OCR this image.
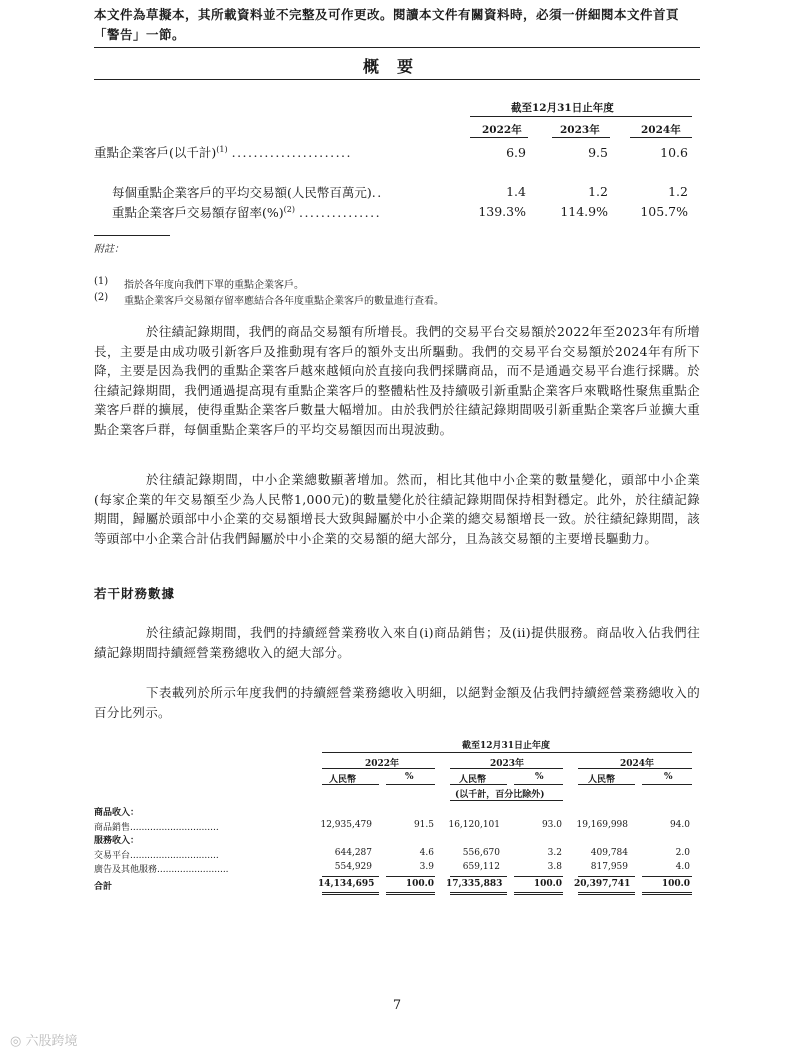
本文件為草擬本，其所載資料並不完整及可作更改。閱讀本文件有關資料時，必須一併細閱本文件首頁「警告」一節。
概要
截至12月31日止年度
2022年	2023年	2024年
重點企業客戶(以千計)$^{(1)}$ ......................	6.9	9.5	10.6
每個重點企業客戶的平均交易額(人民幣百萬元)..	1.4	1.2	1.2
重點企業客戶交易額存留率(%)$^{(2)}$ ...............	139.3%	114.9%	105.7%
附註：
(1) 指於各年度向我們下單的重點企業客戶。
(2) 重點企業客戶交易額存留率應結合各年度重點企業客戶的數量進行查看。
於往績記錄期間，我們的商品交易額有所增長。我們的交易平台交易額於2022年至2023年有所增長，主要是由成功吸引新客戶及推動現有客戶的額外支出所驅動。我們的交易平台交易額於2024年有所下降，主要是因為我們的重點企業客戶越來越傾向於直接向我們採購商品，而不是通過交易平台進行採購。於往績記錄期間，我們通過提高現有重點企業客戶的整體粘性及持續吸引新重點企業客戶來戰略性聚焦重點企業客戶群的擴展，使得重點企業客戶數量大幅增加。由於我們於往績記錄期間吸引新重點企業客戶並擴大重點企業客戶群，每個重點企業客戶的平均交易額因而出現波動。
於往績記錄期間，中小企業總數顯著增加。然而，相比其他中小企業的數量變化，頭部中小企業(每家企業的年交易額至少為人民幣1,000元)的數量變化於往績記錄期間保持相對穩定。此外，於往績記錄期間，歸屬於頭部中小企業的交易額增長大致與歸屬於中小企業的總交易額增長一致。於往績紀錄期間，該等頭部中小企業合計佔我們歸屬於中小企業的交易額的絕大部分，且為該交易額的主要增長驅動力。
若干財務數據
於往績記錄期間，我們的持續經營業務收入來自(i)商品銷售；及(ii)提供服務。商品收入佔我們往績記錄期間持續經營業務總收入的絕大部分。
下表載列於所示年度我們的持續經營業務總收入明細，以絕對金額及佔我們持續經營業務總收入的百分比列示。
截至12月31日止年度
2022年	2023年	2024年
人民幣	%	人民幣	%	人民幣	%
(以千計，百分比除外)
商品收入：
商品銷售...............................	12,935,479	91.5 16,120,101	93.0 19,169,998	94.0
服務收入：
交易平台...............................	644,287	4.6	556,670	3.2	409,784	2.0
廣告及其他服務.........................	554,929	3.9	659,112	3.8	817,959	4.0
合計	14,134,695	100.0 17,335,883	100.0 20,397,741	100.0
7
◎ 六股跨境
